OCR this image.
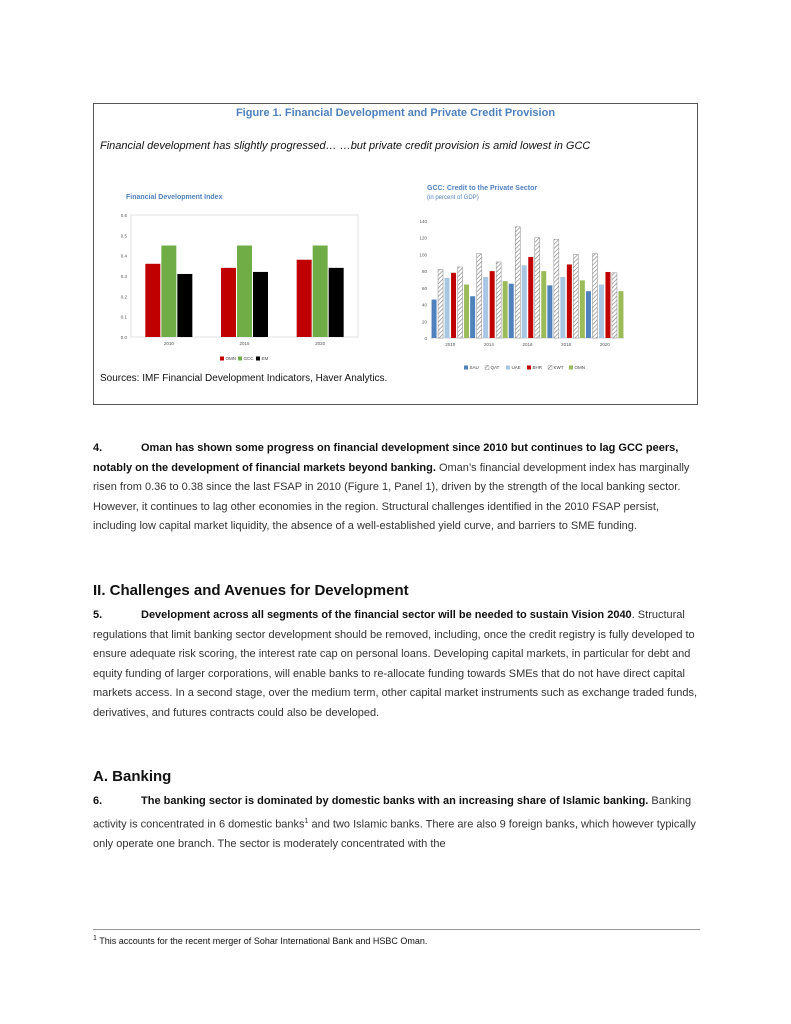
Figure 1. Financial Development and Private Credit Provision
Financial development has slightly progressed… …but private credit provision is amid lowest in GCC
Financial Development Index
0.0
0.1
0.2
0.3
0.4
0.5
0.6
2010	2015	2020
OMN GCC EM
GCC: Credit to the Private Sector
(in percent of GDP)
0
20
40
60
80
100
120
140
2010	2014	2016	2018	2020
SAU	QAT	UAE	BHR	KWT OMN
Sources: IMF Financial Development Indicators, Haver Analytics.
4.	Oman has shown some progress on financial development since 2010 but continues to lag GCC peers, notably on the development of financial markets beyond banking. Oman’s financial development index has marginally risen from 0.36 to 0.38 since the last FSAP in 2010 (Figure 1, Panel 1), driven by the strength of the local banking sector. However, it continues to lag other economies in the region. Structural challenges identified in the 2010 FSAP persist, including low capital market liquidity, the absence of a well-established yield curve, and barriers to SME funding.
II. Challenges and Avenues for Development
5.	Development across all segments of the financial sector will be needed to sustain Vision 2040. Structural regulations that limit banking sector development should be removed, including, once the credit registry is fully developed to ensure adequate risk scoring, the interest rate cap on personal loans. Developing capital markets, in particular for debt and equity funding of larger corporations, will enable banks to re-allocate funding towards SMEs that do not have direct capital markets access. In a second stage, over the medium term, other capital market instruments such as exchange traded funds, derivatives, and futures contracts could also be developed.
A. Banking
6.	The banking sector is dominated by domestic banks with an increasing share of Islamic banking. Banking activity is concentrated in 6 domestic banks$^1$ and two Islamic banks. There are also 9 foreign banks, which however typically only operate one branch. The sector is moderately concentrated with the
$^1$ This accounts for the recent merger of Sohar International Bank and HSBC Oman.
